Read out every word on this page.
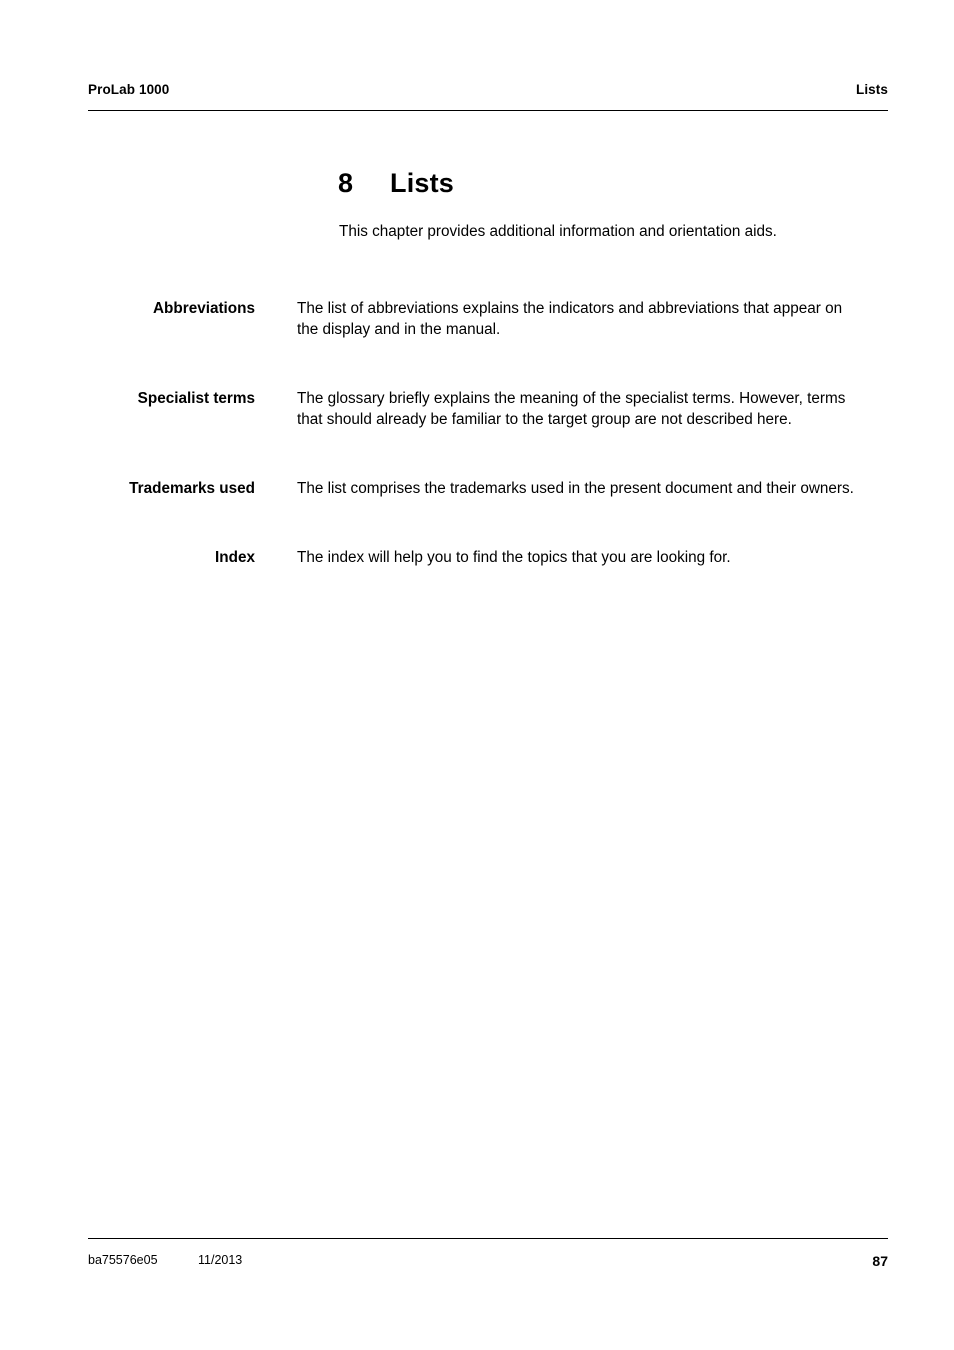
ProLab 1000	Lists
8	Lists
This chapter provides additional information and orientation aids.
Abbreviations	The list of abbreviations explains the indicators and abbreviations that appear on the display and in the manual.
Specialist terms	The glossary briefly explains the meaning of the specialist terms. However, terms that should already be familiar to the target group are not described here.
Trademarks used	The list comprises the trademarks used in the present document and their owners.
Index	The index will help you to find the topics that you are looking for.
ba75576e05	11/2013	87
